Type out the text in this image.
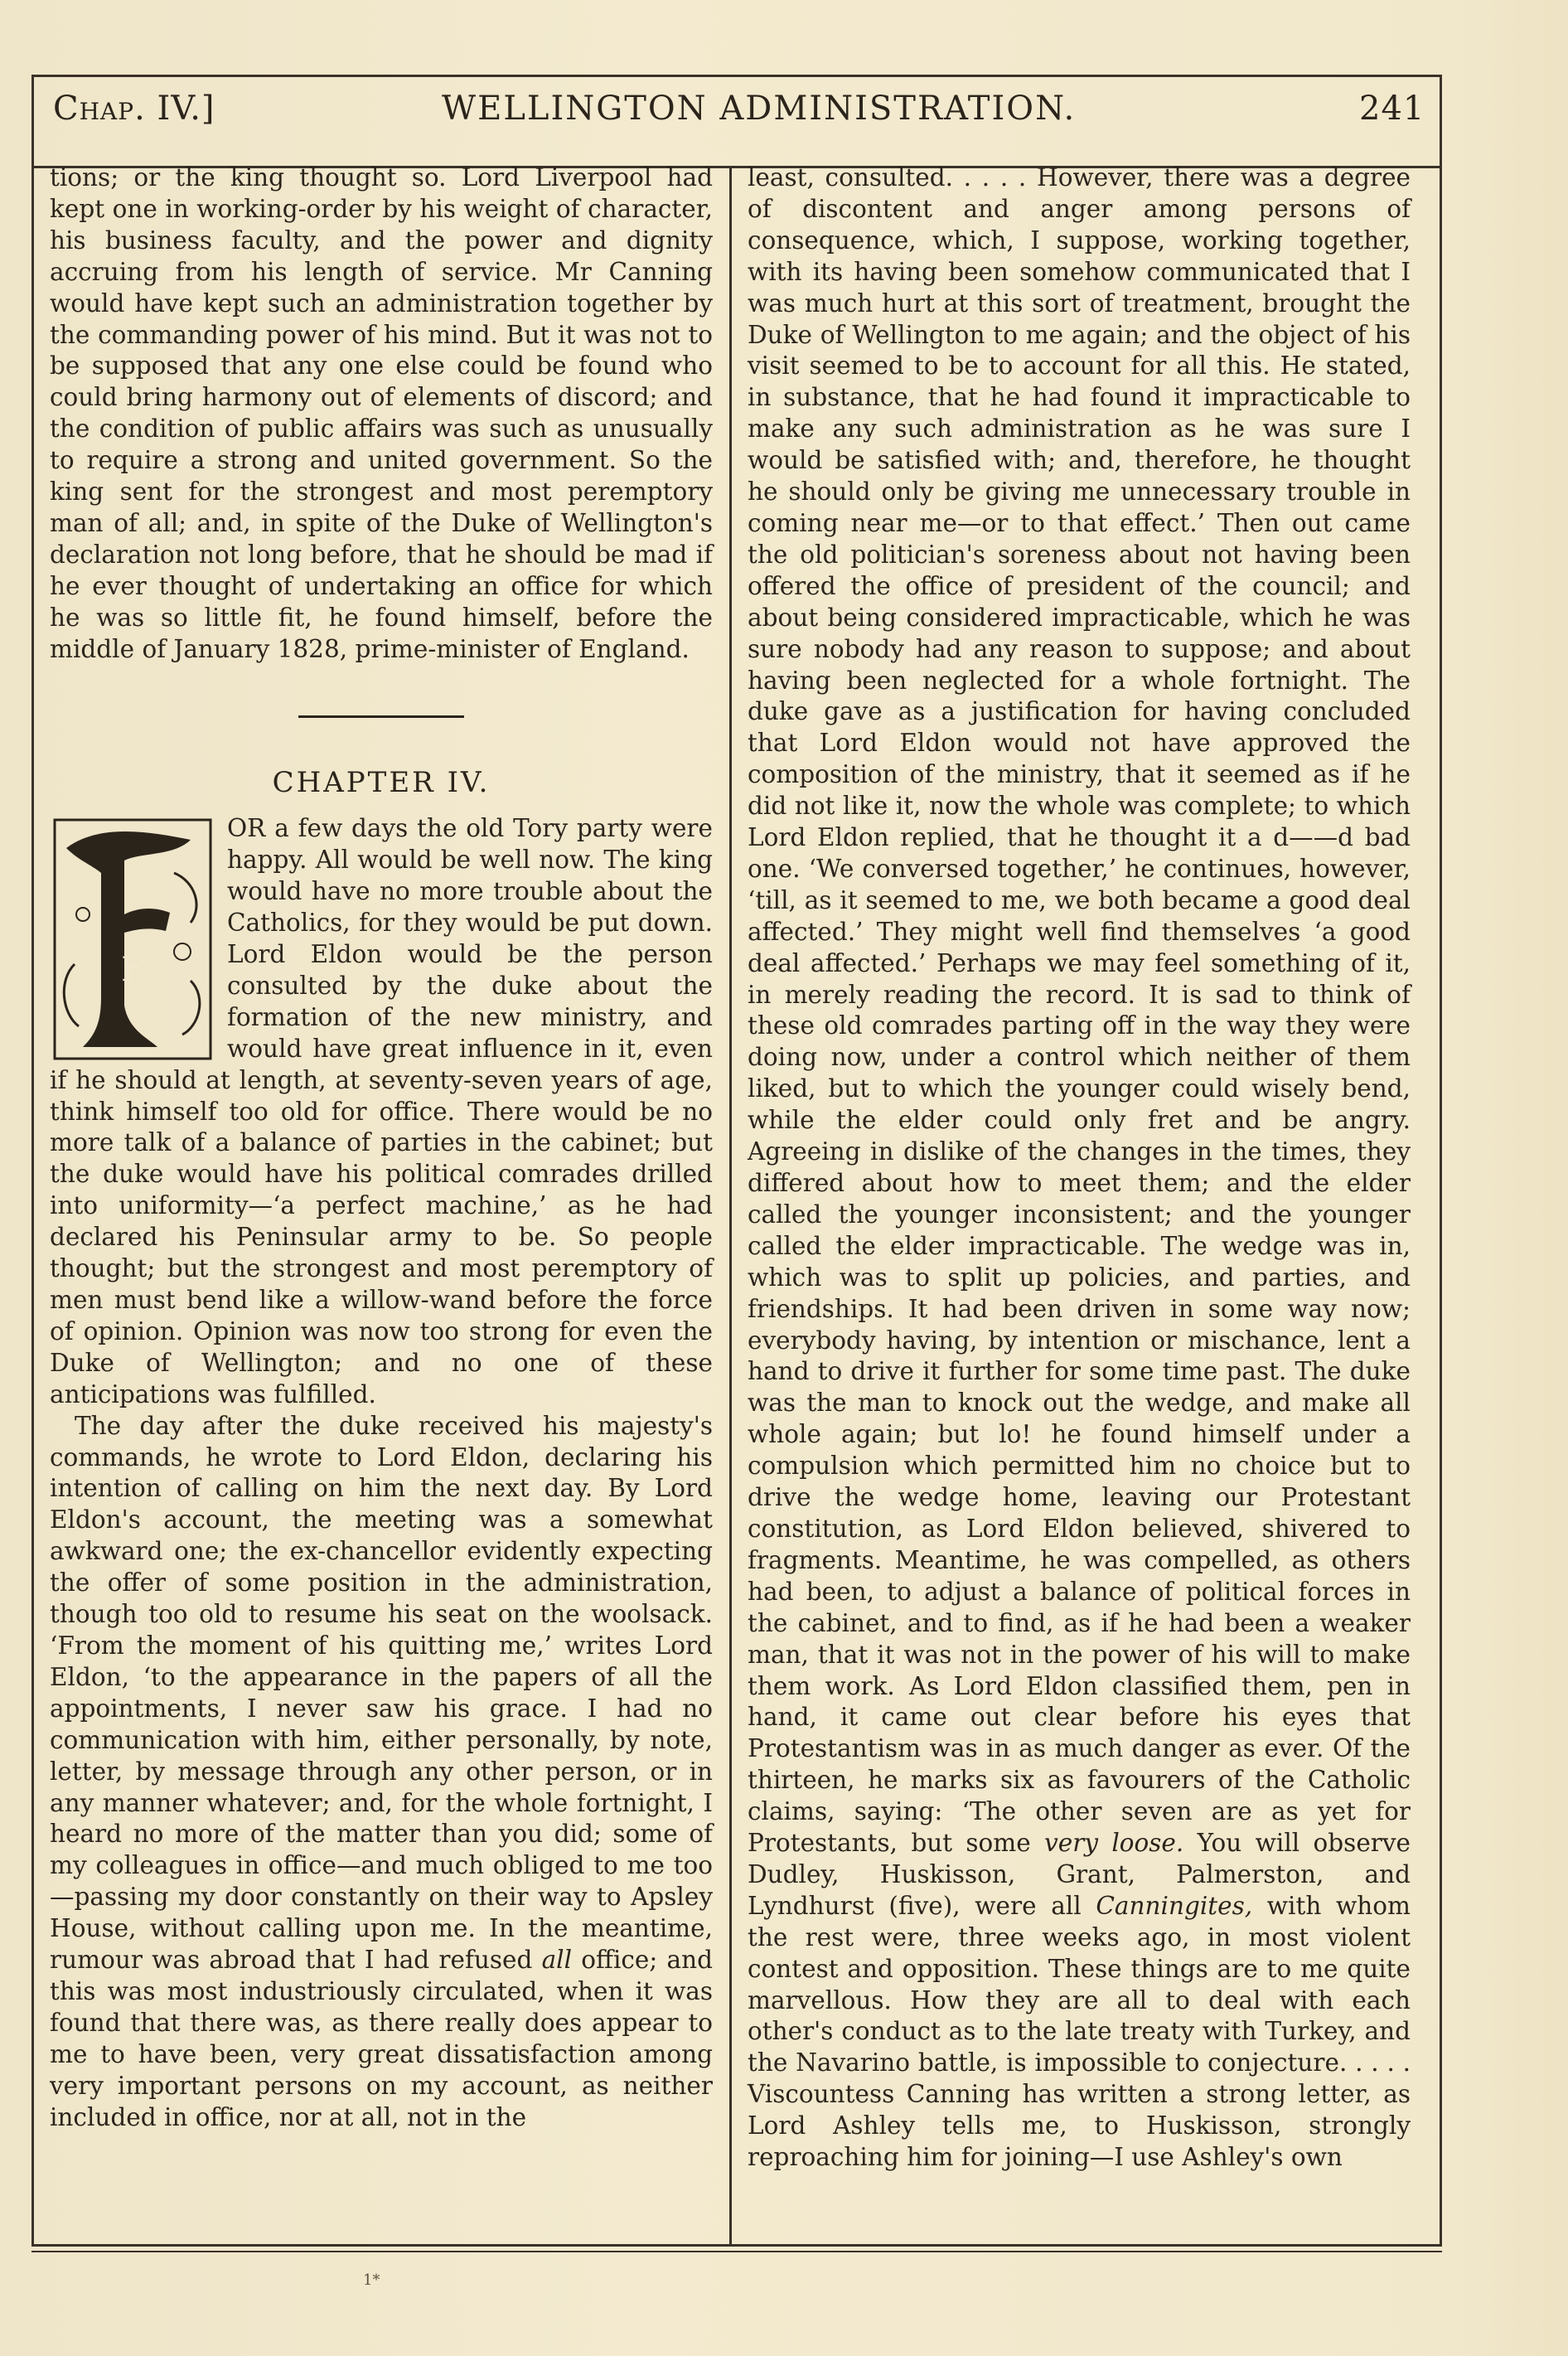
Chap. IV.]	WELLINGTON ADMINISTRATION.	241

tions; or the king thought so. Lord Liverpool had kept one in working-order by his weight of character, his business faculty, and the power and dignity accruing from his length of service. Mr Canning would have kept such an administration together by the commanding power of his mind. But it was not to be supposed that any one else could be found who could bring harmony out of elements of discord; and the condition of public affairs was such as unusually to require a strong and united government. So the king sent for the strongest and most peremptory man of all; and, in spite of the Duke of Wellington's declaration not long before, that he should be mad if he ever thought of undertaking an office for which he was so little fit, he found himself, before the middle of January 1828, prime-minister of England.

CHAPTER IV.
F
OR a few days the old Tory party were happy. All would be well now. The king would have no more trouble about the Catholics, for they would be put down. Lord Eldon would be the person consulted by the duke about the formation of the new ministry, and would have great influence in it, even if he should at length, at seventy-seven years of age, think himself too old for office. There would be no more talk of a balance of parties in the cabinet; but the duke would have his political comrades drilled into uniformity—‘a perfect machine,’ as he had declared his Peninsular army to be. So people thought; but the strongest and most peremptory of men must bend like a willow-wand before the force of opinion. Opinion was now too strong for even the Duke of Wellington; and no one of these anticipations was fulfilled.

The day after the duke received his majesty's commands, he wrote to Lord Eldon, declaring his intention of calling on him the next day. By Lord Eldon's account, the meeting was a somewhat awkward one; the ex-chancellor evidently expecting the offer of some position in the administration, though too old to resume his seat on the woolsack. ‘From the moment of his quitting me,’ writes Lord Eldon, ‘to the appearance in the papers of all the appointments, I never saw his grace. I had no communication with him, either personally, by note, letter, by message through any other person, or in any manner whatever; and, for the whole fortnight, I heard no more of the matter than you did; some of my colleagues in office—and much obliged to me too—passing my door constantly on their way to Apsley House, without calling upon me. In the meantime, rumour was abroad that I had refused all office; and this was most industriously circulated, when it was found that there was, as there really does appear to me to have been, very great dissatisfaction among very important persons on my account, as neither included in office, nor at all, not in the

least, consulted. . . . . However, there was a degree of discontent and anger among persons of consequence, which, I suppose, working together, with its having been somehow communicated that I was much hurt at this sort of treatment, brought the Duke of Wellington to me again; and the object of his visit seemed to be to account for all this. He stated, in substance, that he had found it impracticable to make any such administration as he was sure I would be satisfied with; and, therefore, he thought he should only be giving me unnecessary trouble in coming near me—or to that effect.’ Then out came the old politician's soreness about not having been offered the office of president of the council; and about being considered impracticable, which he was sure nobody had any reason to suppose; and about having been neglected for a whole fortnight. The duke gave as a justification for having concluded that Lord Eldon would not have approved the composition of the ministry, that it seemed as if he did not like it, now the whole was complete; to which Lord Eldon replied, that he thought it a d——d bad one. ‘We conversed together,’ he continues, however, ‘till, as it seemed to me, we both became a good deal affected.’ They might well find themselves ‘a good deal affected.’ Perhaps we may feel something of it, in merely reading the record. It is sad to think of these old comrades parting off in the way they were doing now, under a control which neither of them liked, but to which the younger could wisely bend, while the elder could only fret and be angry. Agreeing in dislike of the changes in the times, they differed about how to meet them; and the elder called the younger inconsistent; and the younger called the elder impracticable. The wedge was in, which was to split up policies, and parties, and friendships. It had been driven in some way now; everybody having, by intention or mischance, lent a hand to drive it further for some time past. The duke was the man to knock out the wedge, and make all whole again; but lo! he found himself under a compulsion which permitted him no choice but to drive the wedge home, leaving our Protestant constitution, as Lord Eldon believed, shivered to fragments. Meantime, he was compelled, as others had been, to adjust a balance of political forces in the cabinet, and to find, as if he had been a weaker man, that it was not in the power of his will to make them work. As Lord Eldon classified them, pen in hand, it came out clear before his eyes that Protestantism was in as much danger as ever. Of the thirteen, he marks six as favourers of the Catholic claims, saying: ‘The other seven are as yet for Protestants, but some very loose. You will observe Dudley, Huskisson, Grant, Palmerston, and Lyndhurst (five), were all Canningites, with whom the rest were, three weeks ago, in most violent contest and opposition. These things are to me quite marvellous. How they are all to deal with each other's conduct as to the late treaty with Turkey, and the Navarino battle, is impossible to conjecture. . . . . Viscountess Canning has written a strong letter, as Lord Ashley tells me, to Huskisson, strongly reproaching him for joining—I use Ashley's own

1*
